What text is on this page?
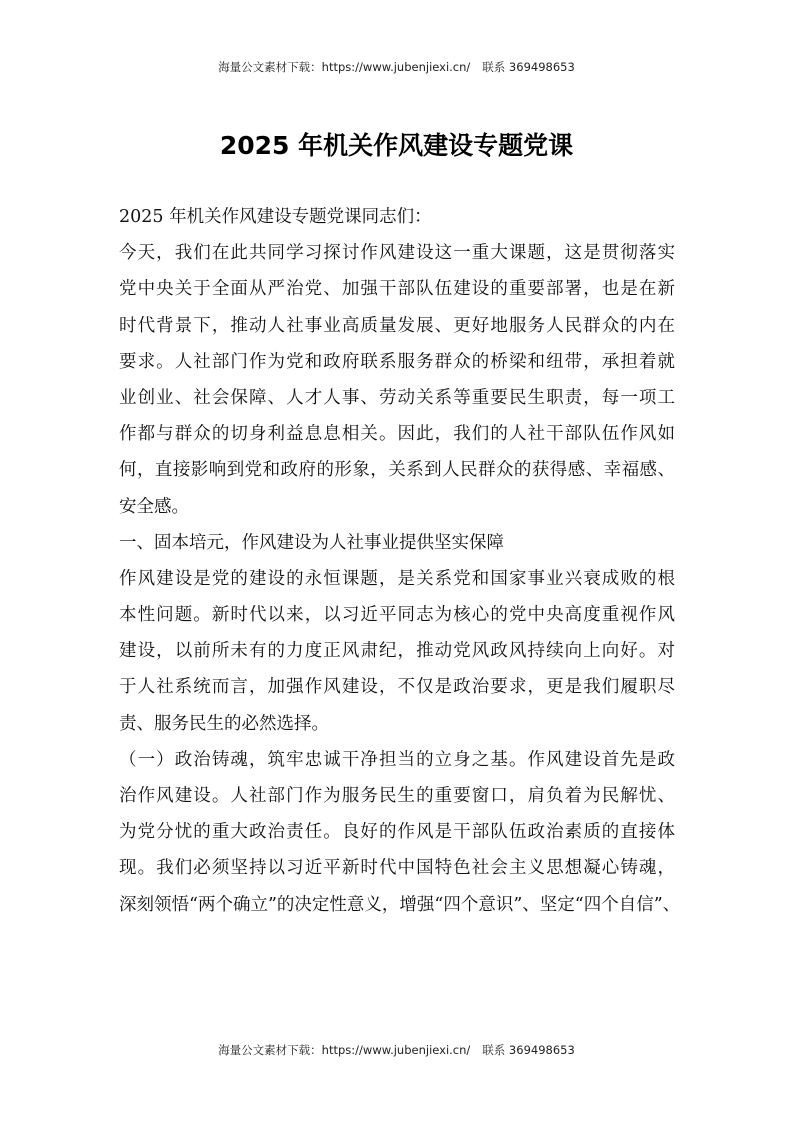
海量公文素材下载：https://www.jubenjiexi.cn/ 联系 369498653
2025 年机关作风建设专题党课

2025 年机关作风建设专题党课同志们：

今天，我们在此共同学习探讨作风建设这一重大课题，这是贯彻落实
党中央关于全面从严治党、加强干部队伍建设的重要部署，也是在新
时代背景下，推动人社事业高质量发展、更好地服务人民群众的内在
要求。人社部门作为党和政府联系服务群众的桥梁和纽带，承担着就
业创业、社会保障、人才人事、劳动关系等重要民生职责，每一项工
作都与群众的切身利益息息相关。因此，我们的人社干部队伍作风如
何，直接影响到党和政府的形象，关系到人民群众的获得感、幸福感、
安全感。

一、固本培元，作风建设为人社事业提供坚实保障

作风建设是党的建设的永恒课题，是关系党和国家事业兴衰成败的根
本性问题。新时代以来，以习近平同志为核心的党中央高度重视作风
建设，以前所未有的力度正风肃纪，推动党风政风持续向上向好。对
于人社系统而言，加强作风建设，不仅是政治要求，更是我们履职尽
责、服务民生的必然选择。

（一）政治铸魂，筑牢忠诚干净担当的立身之基。作风建设首先是政
治作风建设。人社部门作为服务民生的重要窗口，肩负着为民解忧、
为党分忧的重大政治责任。良好的作风是干部队伍政治素质的直接体
现。我们必须坚持以习近平新时代中国特色社会主义思想凝心铸魂，
深刻领悟“两个确立”的决定性意义，增强“四个意识”、坚定“四个自信”、

海量公文素材下载：https://www.jubenjiexi.cn/ 联系 369498653
